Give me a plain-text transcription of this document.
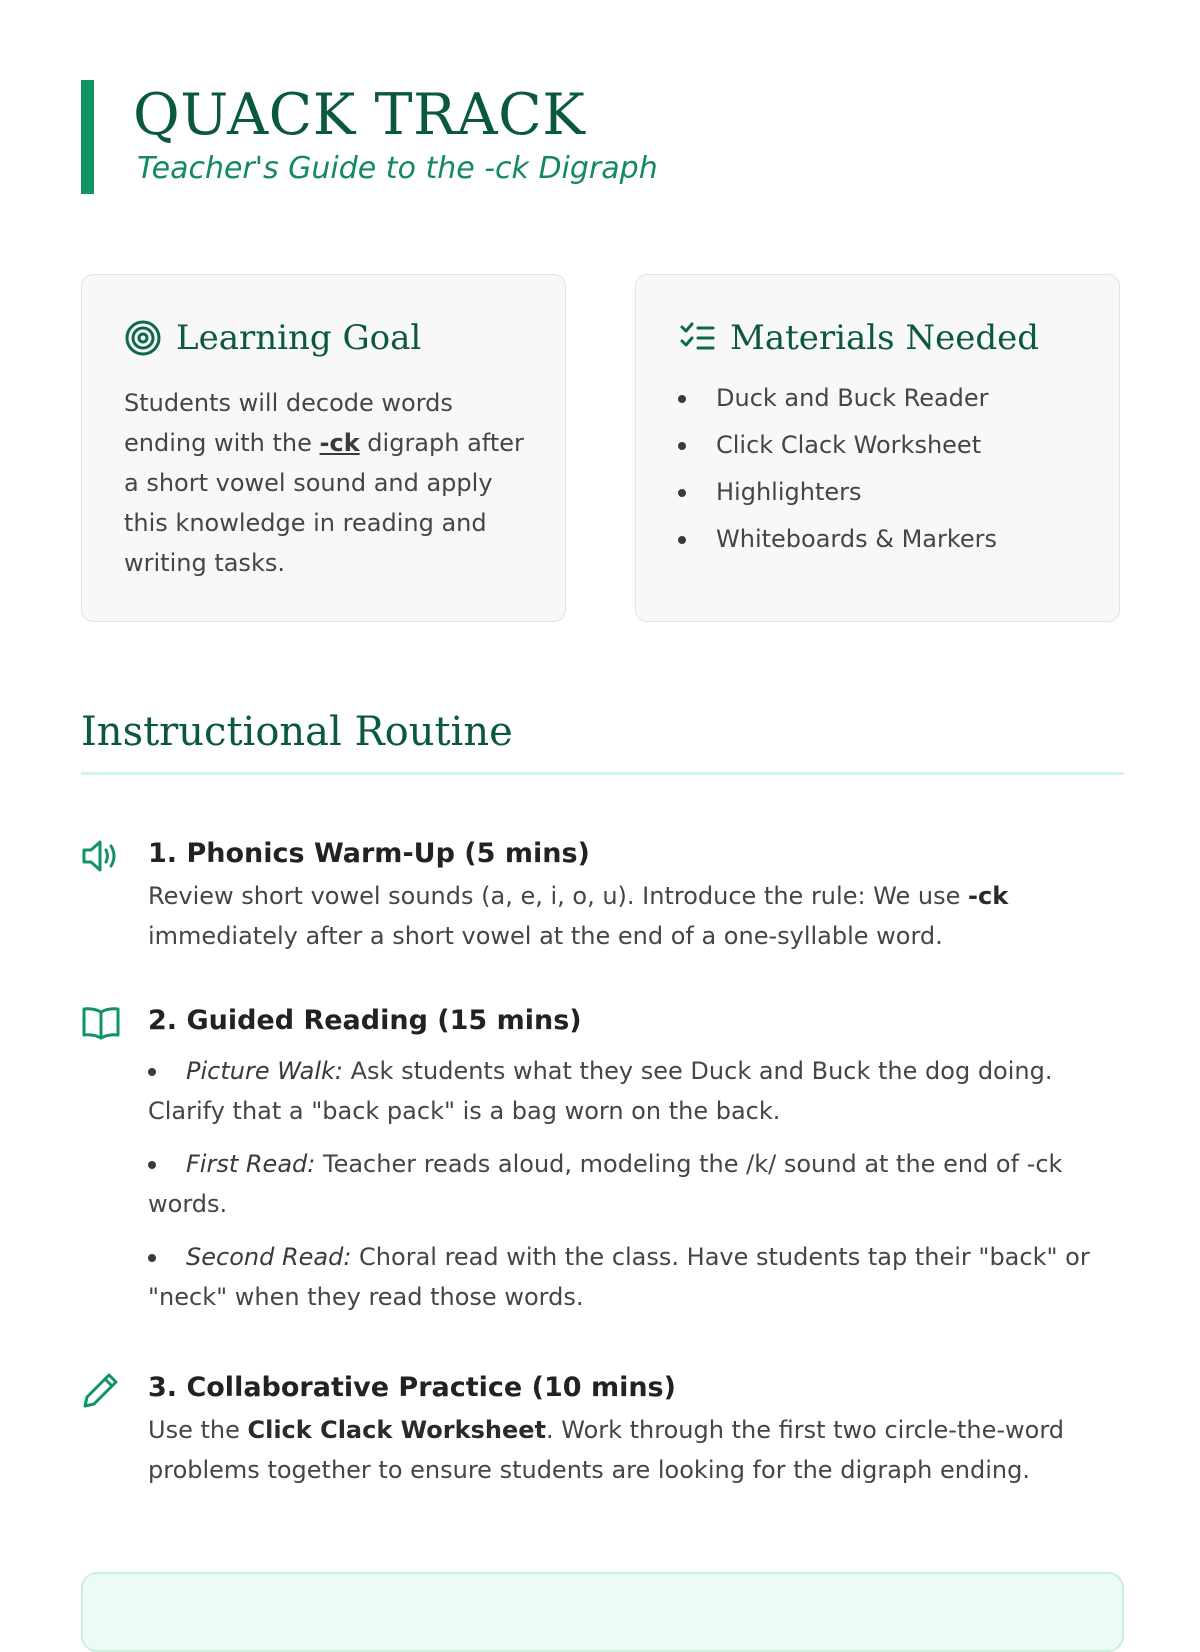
QUACK TRACK
Teacher's Guide to the -ck Digraph
Learning Goal
Students will decode words ending with the -ck digraph after a short vowel sound and apply this knowledge in reading and writing tasks.
Materials Needed
Duck and Buck Reader
Click Clack Worksheet
Highlighters
Whiteboards & Markers
Instructional Routine
1. Phonics Warm-Up (5 mins)

Review short vowel sounds (a, e, i, o, u). Introduce the rule: We use -ck immediately after a short vowel at the end of a one-syllable word.

2. Guided Reading (15 mins)
Picture Walk: Ask students what they see Duck and Buck the dog doing. Clarify that a "back pack" is a bag worn on the back.
First Read: Teacher reads aloud, modeling the /k/ sound at the end of -ck words.
Second Read: Choral read with the class. Have students tap their "back" or "neck" when they read those words.
3. Collaborative Practice (10 mins)

Use the Click Clack Worksheet. Work through the first two circle-the-word problems together to ensure students are looking for the digraph ending.
